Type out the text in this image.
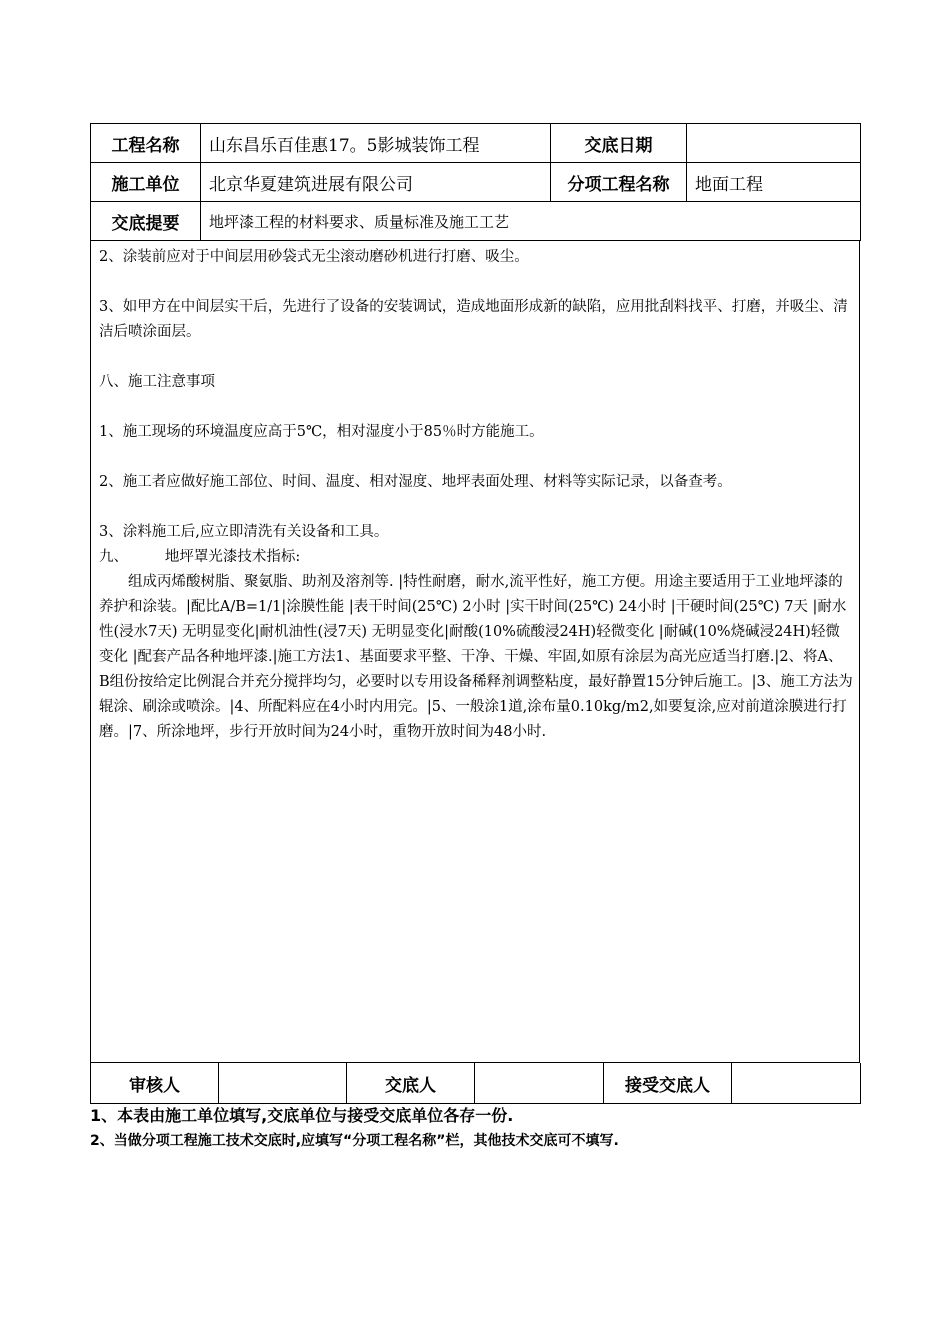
工程名称	山东昌乐百佳惠17。5影城装饰工程	交底日期	
施工单位	北京华夏建筑进展有限公司	分项工程名称	地面工程
交底提要	地坪漆工程的材料要求、质量标准及施工工艺		

2、涂装前应对于中间层用砂袋式无尘滚动磨砂机进行打磨、吸尘。

3、如甲方在中间层实干后，先进行了设备的安装调试，造成地面形成新的缺陷，应用批刮料找平、打磨，并吸尘、清洁后喷涂面层。

八、施工注意事项

1、施工现场的环境温度应高于5℃，相对湿度小于85％时方能施工。

2、施工者应做好施工部位、时间、温度、相对湿度、地坪表面处理、材料等实际记录，以备查考。

3、涂料施工后,应立即清洗有关设备和工具。

九、        地坪罩光漆技术指标:

组成丙烯酸树脂、聚氨脂、助剂及溶剂等. |特性耐磨，耐水,流平性好，施工方便。用途主要适用于工业地坪漆的养护和涂装。|配比A/B=1/1|涂膜性能 |表干时间(25℃) 2小时 |实干时间(25℃) 24小时 |干硬时间(25℃) 7天 |耐水性(浸水7天) 无明显变化|耐机油性(浸7天) 无明显变化|耐酸(10%硫酸浸24H)轻微变化 |耐碱(10%烧碱浸24H)轻微变化 |配套产品各种地坪漆.|施工方法1、基面要求平整、干净、干燥、牢固,如原有涂层为高光应适当打磨.|2、将A、B组份按给定比例混合并充分搅拌均匀，必要时以专用设备稀释剂调整粘度，最好静置15分钟后施工。|3、施工方法为辊涂、刷涂或喷涂。|4、所配料应在4小时内用完。|5、一般涂1道,涂布量0.10kg/m2,如要复涂,应对前道涂膜进行打磨。|7、所涂地坪，步行开放时间为24小时，重物开放时间为48小时.

审核人		交底人		接受交底人	
1、本表由施工单位填写,交底单位与接受交底单位各存一份.
2、当做分项工程施工技术交底时,应填写“分项工程名称”栏，其他技术交底可不填写.
